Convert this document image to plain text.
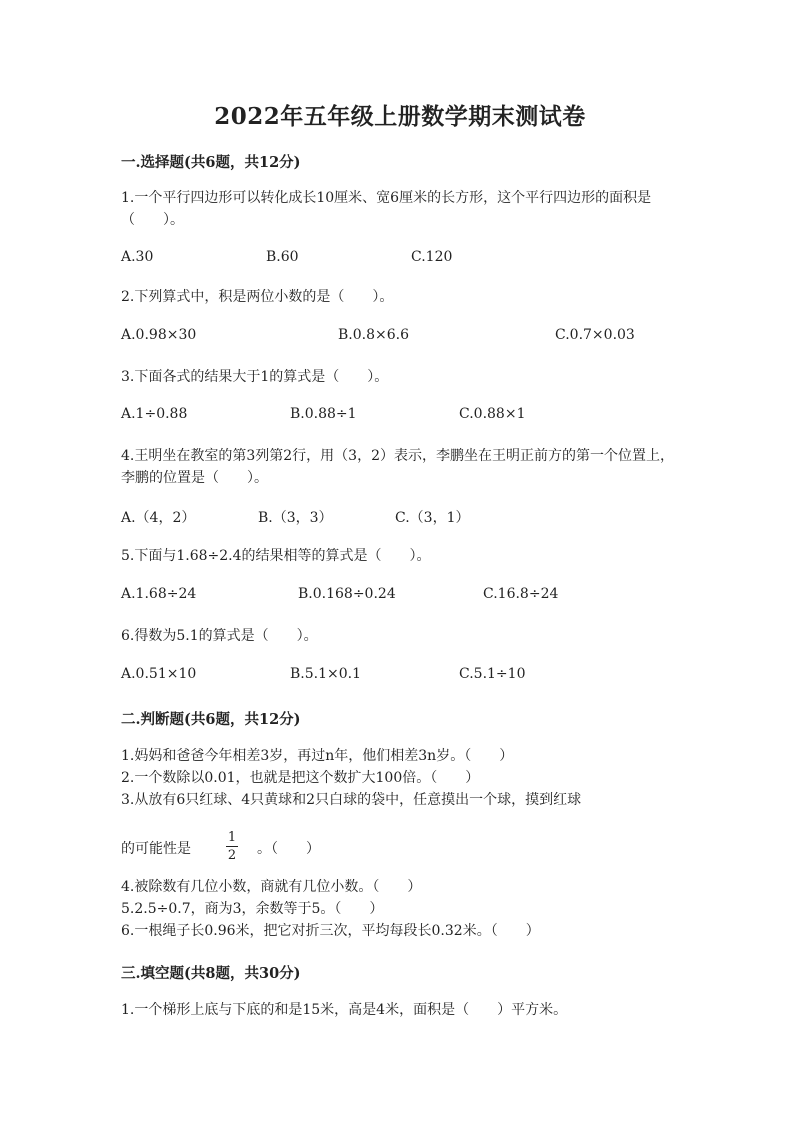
2022年五年级上册数学期末测试卷
一.选择题(共6题，共12分)
1.一个平行四边形可以转化成长10厘米、宽6厘米的长方形，这个平行四边形的面积是（　　）。
A.30	B.60	C.120
2.下列算式中，积是两位小数的是（　　）。
A.0.98×30	B.0.8×6.6	C.0.7×0.03
3.下面各式的结果大于1的算式是（　　）。
A.1÷0.88	B.0.88÷1	C.0.88×1
4.王明坐在教室的第3列第2行，用（3，2）表示，李鹏坐在王明正前方的第一个位置上，李鹏的位置是（　　）。
A.（4，2）	B.（3，3）	C.（3，1）
5.下面与1.68÷2.4的结果相等的算式是（　　）。
A.1.68÷24	B.0.168÷0.24	C.16.8÷24
6.得数为5.1的算式是（　　）。
A.0.51×10	B.5.1×0.1	C.5.1÷10
二.判断题(共6题，共12分)
1.妈妈和爸爸今年相差3岁，再过n年，他们相差3n岁。（　　）
2.一个数除以0.01，也就是把这个数扩大100倍。（　　）
3.从放有6只红球、4只黄球和2只白球的袋中，任意摸出一个球，摸到红球
的可能性是	$\frac{1}{2}$ 。（　　）
4.被除数有几位小数，商就有几位小数。（　　）
5.2.5÷0.7，商为3，余数等于5。（　　）
6.一根绳子长0.96米，把它对折三次，平均每段长0.32米。（　　）
三.填空题(共8题，共30分)
1.一个梯形上底与下底的和是15米，高是4米，面积是（　　）平方米。
